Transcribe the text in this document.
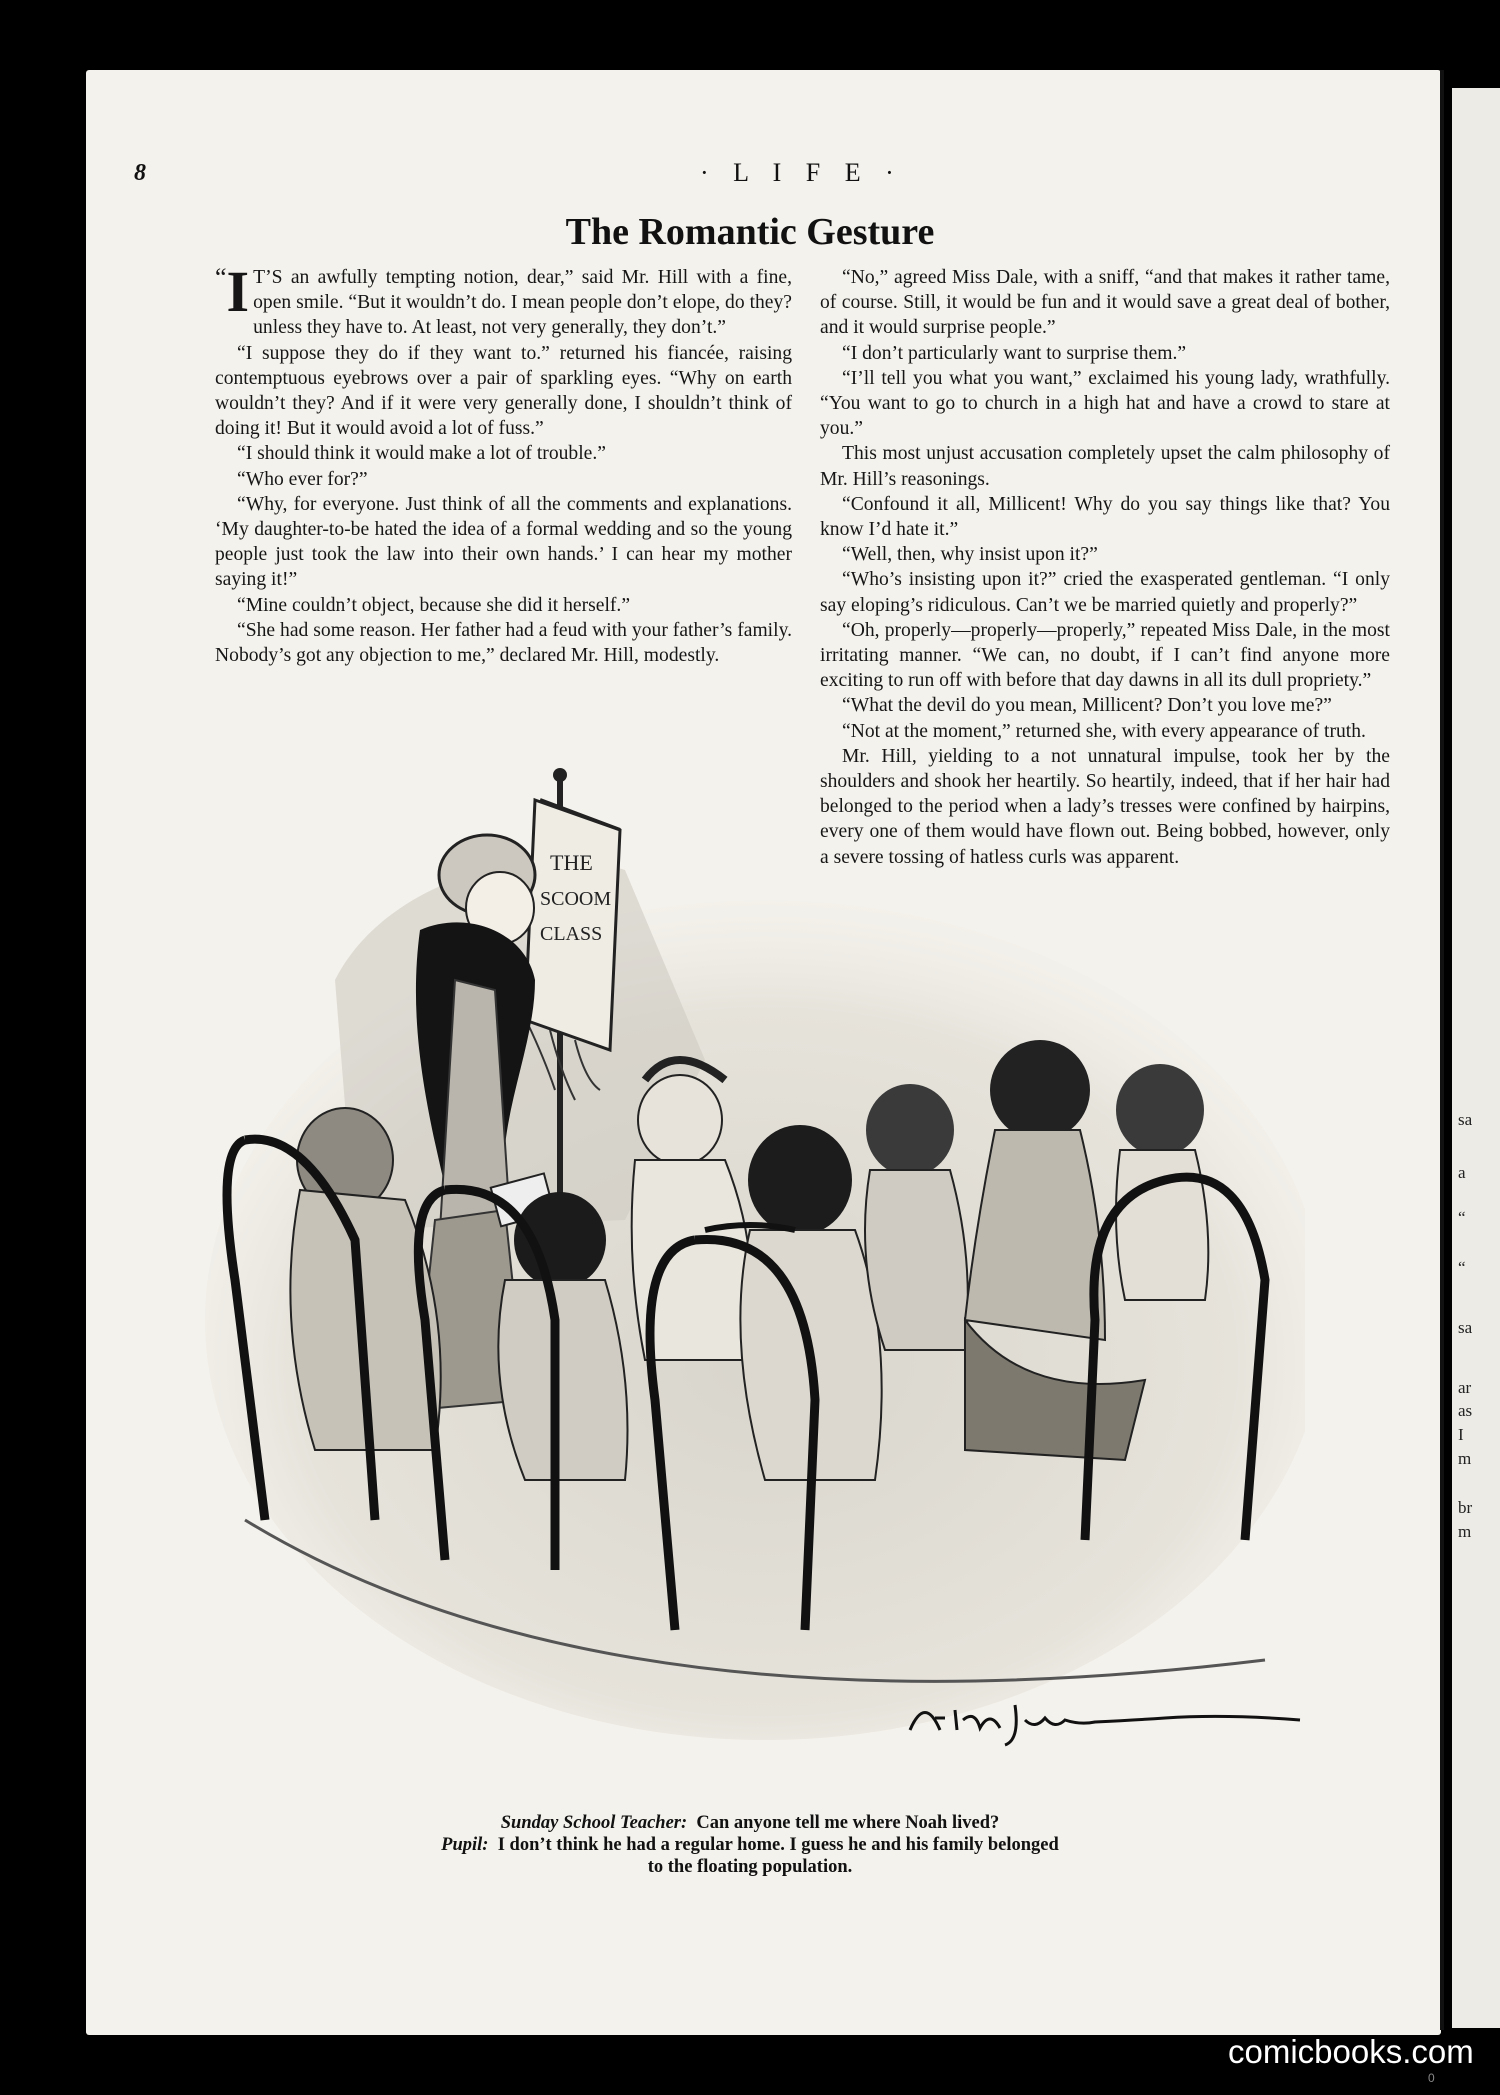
sa
a
“
“
sa
ar
as
I
m
br
m
8	· L I F E ·
The Romantic Gesture

“ I T’S an awfully tempting notion, dear,” said Mr. Hill with a fine, open smile. “But it wouldn’t do. I mean people don’t elope, do they? unless they have to. At least, not very generally, they don’t.”

“I suppose they do if they want to.” returned his fiancée, raising contemptuous eyebrows over a pair of sparkling eyes. “Why on earth wouldn’t they? And if it were very generally done, I shouldn’t think of doing it! But it would avoid a lot of fuss.”

“I should think it would make a lot of trouble.”

“Who ever for?”

“Why, for everyone. Just think of all the comments and explanations. ‘My daughter-to-be hated the idea of a formal wedding and so the young people just took the law into their own hands.’ I can hear my mother saying it!”

“Mine couldn’t object, because she did it herself.”

“She had some reason. Her father had a feud with your father’s family. Nobody’s got any objection to me,” declared Mr. Hill, modestly.

“No,” agreed Miss Dale, with a sniff, “and that makes it rather tame, of course. Still, it would be fun and it would save a great deal of bother, and it would surprise people.”

“I don’t particularly want to surprise them.”

“I’ll tell you what you want,” exclaimed his young lady, wrathfully. “You want to go to church in a high hat and have a crowd to stare at you.”

This most unjust accusation completely upset the calm philosophy of Mr. Hill’s reasonings.

“Confound it all, Millicent! Why do you say things like that? You know I’d hate it.”

“Well, then, why insist upon it?”

“Who’s insisting upon it?” cried the exasperated gentleman. “I only say eloping’s ridiculous. Can’t we be married quietly and properly?”

“Oh, properly—properly—properly,” repeated Miss Dale, in the most irritating manner. “We can, no doubt, if I can’t find anyone more exciting to run off with before that day dawns in all its dull propriety.”

“What the devil do you mean, Millicent? Don’t you love me?”

“Not at the moment,” returned she, with every appearance of truth.

Mr. Hill, yielding to a not unnatural impulse, took her by the shoulders and shook her heartily. So heartily, indeed, that if her hair had belonged to the period when a lady’s tresses were confined by hairpins, every one of them would have flown out. Being bobbed, however, only a severe tossing of hatless curls was apparent.

THE
SCOOM
CLASS
Sunday School Teacher: Can anyone tell me where Noah lived?
Pupil: I don’t think he had a regular home. I guess he and his family belonged
to the floating population.
comicbooks.com
0
